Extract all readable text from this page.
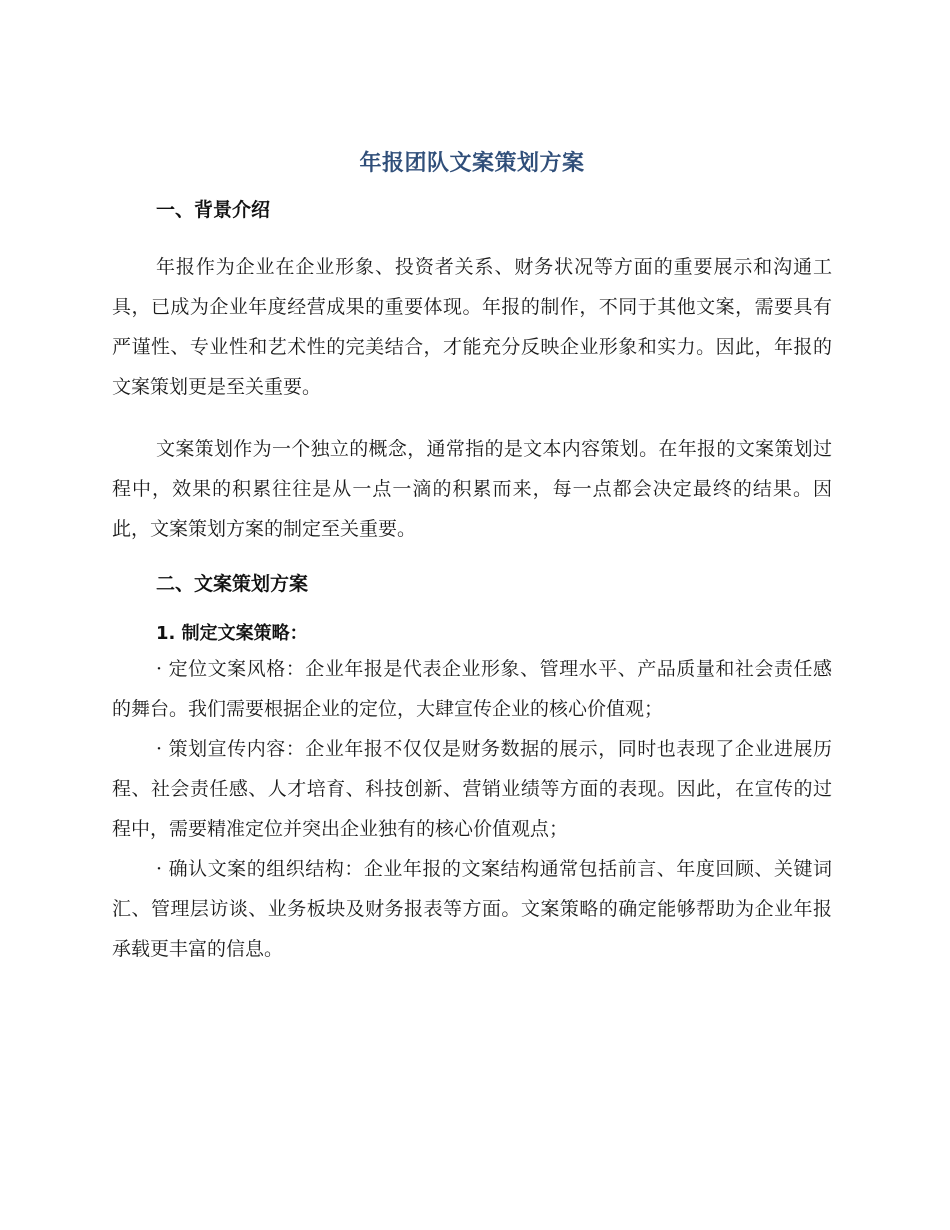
年报团队文案策划方案
一、背景介绍

年报作为企业在企业形象、投资者关系、财务状况等方面的重要展示和沟通工具，已成为企业年度经营成果的重要体现。年报的制作，不同于其他文案，需要具有严谨性、专业性和艺术性的完美结合，才能充分反映企业形象和实力。因此，年报的文案策划更是至关重要。

文案策划作为一个独立的概念，通常指的是文本内容策划。在年报的文案策划过程中，效果的积累往往是从一点一滴的积累而来，每一点都会决定最终的结果。因此，文案策划方案的制定至关重要。

二、文案策划方案
1. 制定文案策略：

· 定位文案风格：企业年报是代表企业形象、管理水平、产品质量和社会责任感的舞台。我们需要根据企业的定位，大肆宣传企业的核心价值观；

· 策划宣传内容：企业年报不仅仅是财务数据的展示，同时也表现了企业进展历程、社会责任感、人才培育、科技创新、营销业绩等方面的表现。因此，在宣传的过程中，需要精准定位并突出企业独有的核心价值观点；

· 确认文案的组织结构：企业年报的文案结构通常包括前言、年度回顾、关键词汇、管理层访谈、业务板块及财务报表等方面。文案策略的确定能够帮助为企业年报承载更丰富的信息。
